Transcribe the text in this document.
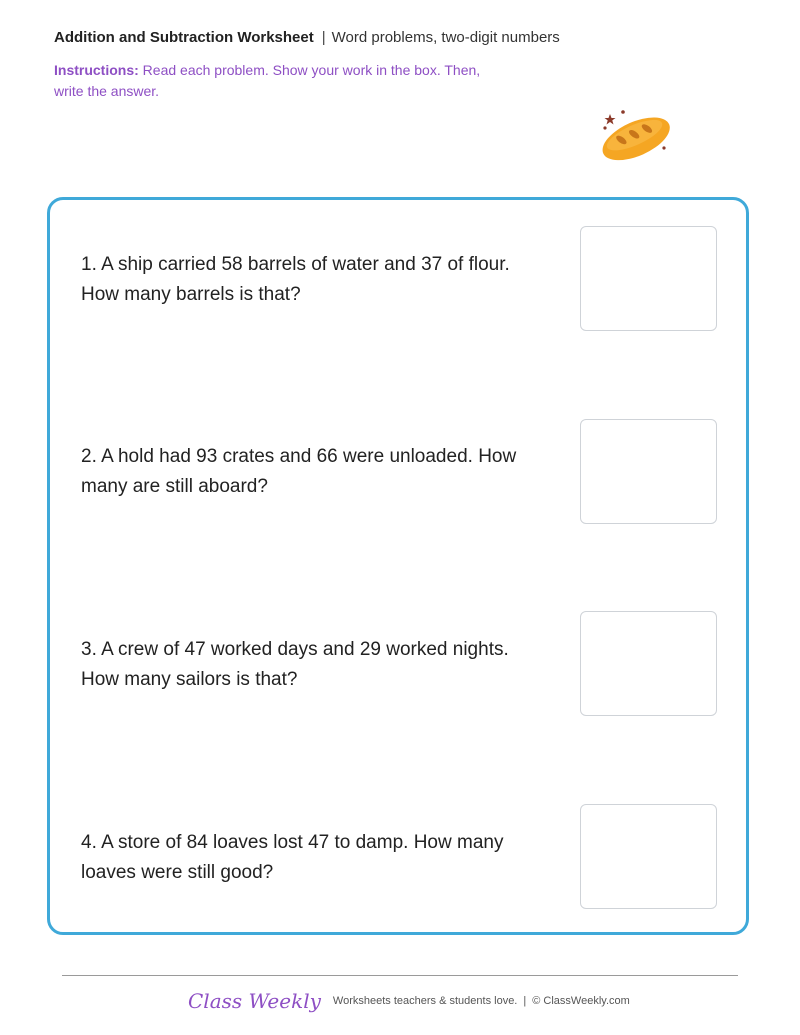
Addition and Subtraction Worksheet | Word problems, two-digit numbers
Instructions: Read each problem. Show your work in the box. Then,
write the answer.
1. A ship carried 58 barrels of water and 37 of flour.
How many barrels is that?
2. A hold had 93 crates and 66 were unloaded. How
many are still aboard?
3. A crew of 47 worked days and 29 worked nights.
How many sailors is that?
4. A store of 84 loaves lost 47 to damp. How many
loaves were still good?
Class Weekly Worksheets teachers & students love. | © ClassWeekly.com
